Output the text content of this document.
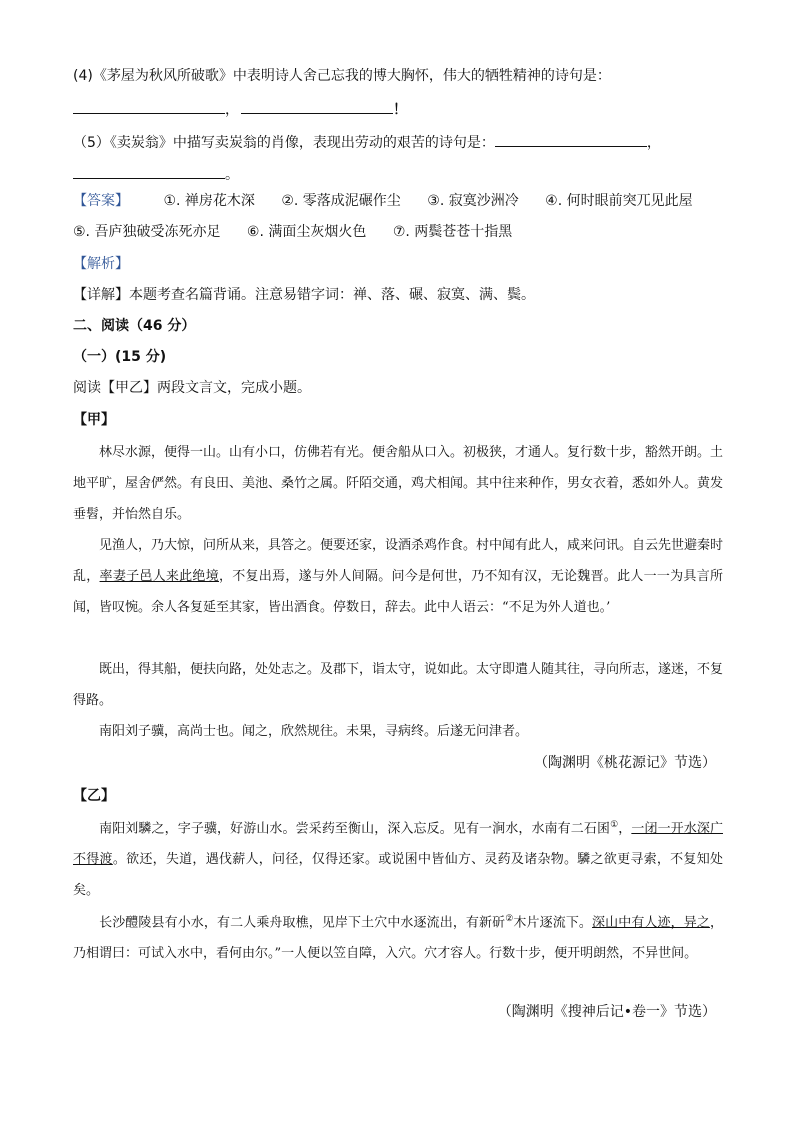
(4)《茅屋为秋风所破歌》中表明诗人舍己忘我的博大胸怀，伟大的牺牲精神的诗句是：
，	！
（5）《卖炭翁》中描写卖炭翁的肖像，表现出劳动的艰苦的诗句是：	，
。
【答案】 ①. 禅房花木深 ②. 零落成泥碾作尘 ③. 寂寞沙洲冷 ④. 何时眼前突兀见此屋
⑤. 吾庐独破受冻死亦足 ⑥. 满面尘灰烟火色 ⑦. 两鬓苍苍十指黑
【解析】
【详解】本题考查名篇背诵。注意易错字词：禅、落、碾、寂寞、满、鬓。
二、阅读（46 分）
（一）(15 分)
阅读【甲乙】两段文言文，完成小题。
【甲】
林尽水源，便得一山。山有小口，仿佛若有光。便舍船从口入。初极狭，才通人。复行数十步，豁然开朗。土地平旷，屋舍俨然。有良田、美池、桑竹之属。阡陌交通，鸡犬相闻。其中往来种作，男女衣着，悉如外人。黄发垂髫，并怡然自乐。
见渔人，乃大惊，问所从来，具答之。便要还家，设酒杀鸡作食。村中闻有此人，咸来问讯。自云先世避秦时乱，率妻子邑人来此绝境，不复出焉，遂与外人间隔。问今是何世，乃不知有汉，无论魏晋。此人一一为具言所闻，皆叹惋。余人各复延至其家，皆出酒食。停数日，辞去。此中人语云：“不足为外人道也。’
既出，得其船，便扶向路，处处志之。及郡下，诣太守，说如此。太守即遣人随其往，寻向所志，遂迷，不复得路。
南阳刘子骥，高尚士也。闻之，欣然规往。未果，寻病终。后遂无问津者。
（陶渊明《桃花源记》节选）
【乙】
南阳刘驎之，字子骥，好游山水。尝采药至衡山，深入忘反。见有一涧水，水南有二石囷①，一闭一开水深广不得渡。欲还，失道，遇伐薪人，问径，仅得还家。或说囷中皆仙方、灵药及诸杂物。驎之欲更寻索，不复知处矣。
长沙醴陵县有小水，有二人乘舟取樵，见岸下土穴中水逐流出，有新斫②木片逐流下。深山中有人迹，异之，乃相谓曰：可试入水中，看何由尔。”一人便以笠自障，入穴。穴才容人。行数十步，便开明朗然，不异世间。
（陶渊明《搜神后记•卷一》节选）
